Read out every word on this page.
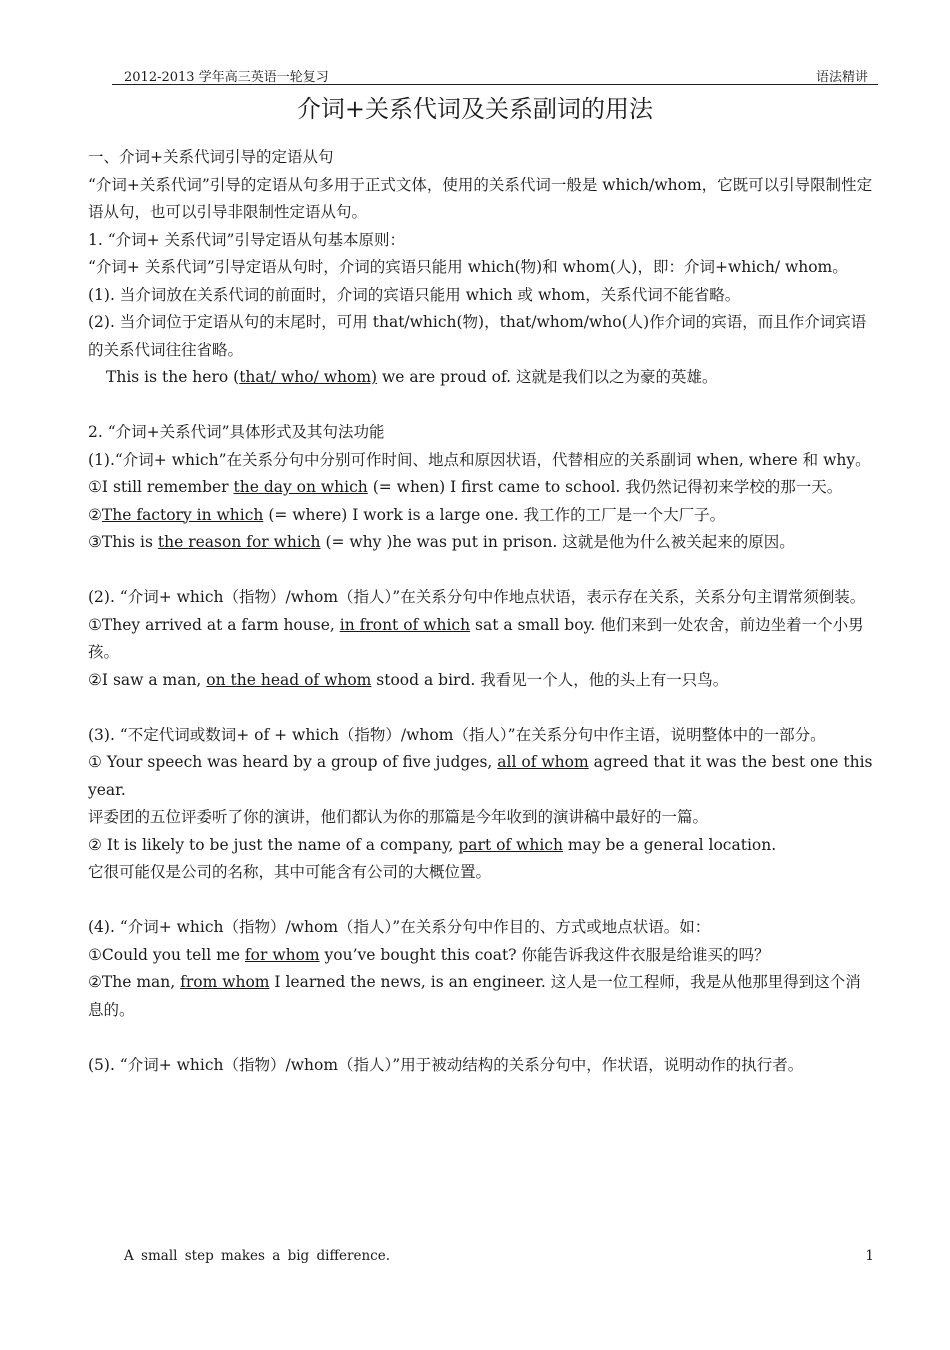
2012-2013 学年高三英语一轮复习	语法精讲
介词+关系代词及关系副词的用法

一、介词+关系代词引导的定语从句

“介词+关系代词”引导的定语从句多用于正式文体，使用的关系代词一般是 which/whom，它既可以引导限制性定语从句，也可以引导非限制性定语从句。

1. “介词+ 关系代词”引导定语从句基本原则：

“介词+ 关系代词”引导定语从句时，介词的宾语只能用 which(物)和 whom(人)，即：介词+which/ whom。

(1). 当介词放在关系代词的前面时，介词的宾语只能用 which 或 whom，关系代词不能省略。

(2). 当介词位于定语从句的末尾时，可用 that/which(物)，that/whom/who(人)作介词的宾语，而且作介词宾语的关系代词往往省略。

This is the hero (that/ who/ whom) we are proud of. 这就是我们以之为豪的英雄。

2. “介词+关系代词”具体形式及其句法功能

(1).“介词+ which”在关系分句中分别可作时间、地点和原因状语，代替相应的关系副词 when, where 和 why。

①I still remember the day on which (= when) I first came to school. 我仍然记得初来学校的那一天。

②The factory in which (= where) I work is a large one. 我工作的工厂是一个大厂子。

③This is the reason for which (= why )he was put in prison. 这就是他为什么被关起来的原因。

(2). “介词+ which（指物）/whom（指人）”在关系分句中作地点状语，表示存在关系，关系分句主谓常须倒装。

①They arrived at a farm house, in front of which sat a small boy. 他们来到一处农舍，前边坐着一个小男孩。

②I saw a man, on the head of whom stood a bird. 我看见一个人，他的头上有一只鸟。

(3). “不定代词或数词+ of + which（指物）/whom（指人）”在关系分句中作主语，说明整体中的一部分。

① Your speech was heard by a group of five judges, all of whom agreed that it was the best one this year.

评委团的五位评委听了你的演讲，他们都认为你的那篇是今年收到的演讲稿中最好的一篇。

② It is likely to be just the name of a company, part of which may be a general location.

它很可能仅是公司的名称，其中可能含有公司的大概位置。

(4). “介词+ which（指物）/whom（指人）”在关系分句中作目的、方式或地点状语。如：

①Could you tell me for whom you’ve bought this coat? 你能告诉我这件衣服是给谁买的吗？

②The man, from whom I learned the news, is an engineer. 这人是一位工程师，我是从他那里得到这个消息的。

(5). “介词+ which（指物）/whom（指人）”用于被动结构的关系分句中，作状语，说明动作的执行者。

A small step makes a big difference.	1
